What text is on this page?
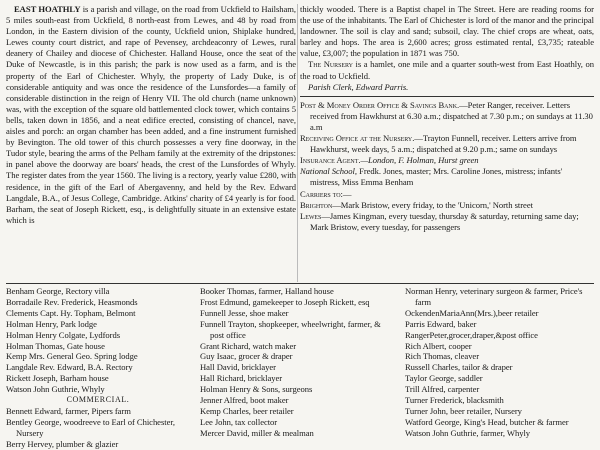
EAST HOATHLY is a parish and village, on the road from Uckfield to Hailsham, 5 miles south-east from Uckfield, 8 north-east from Lewes, and 48 by road from London, in the Eastern division of the county, Uckfield union, Shiplake hundred, Lewes county court district, and rape of Pevensey, archdeaconry of Lewes, rural deanery of Chailey and diocese of Chichester. Halland House, once the seat of the Duke of Newcastle, is in this parish; the park is now used as a farm, and is the property of the Earl of Chichester. Whyly, the property of Lady Duke, is of considerable antiquity and was once the residence of the Lunsfordes—a family of considerable distinction in the reign of Henry VII. The old church (name unknown) was, with the exception of the square old battlemented clock tower, which contains 5 bells, taken down in 1856, and a neat edifice erected, consisting of chancel, nave, aisles and porch: an organ chamber has been added, and a fine instrument furnished by Bevington. The old tower of this church possesses a very fine doorway, in the Tudor style, bearing the arms of the Pelham family at the extremity of the dripstones: in panel above the doorway are boars' heads, the crest of the Lunsfordes of Whyly. The register dates from the year 1560. The living is a rectory, yearly value £280, with residence, in the gift of the Earl of Abergavenny, and held by the Rev. Edward Langdale, B.A., of Jesus College, Cambridge. Atkins' charity of £4 yearly is for food. Barham, the seat of Joseph Rickett, esq., is delightfully situate in an extensive estate which is

thickly wooded. There is a Baptist chapel in The Street. Here are reading rooms for the use of the inhabitants. The Earl of Chichester is lord of the manor and the principal landowner. The soil is clay and sand; subsoil, clay. The chief crops are wheat, oats, barley and hops. The area is 2,600 acres; gross estimated rental, £3,735; rateable value, £3,007; the population in 1871 was 750.

The Nursery is a hamlet, one mile and a quarter south-west from East Hoathly, on the road to Uckfield.

Parish Clerk, Edward Parris.

Post & Money Order Office & Savings Bank.—Peter Ranger, receiver. Letters received from Hawkhurst at 6.30 a.m.; dispatched at 7.30 p.m.; on sundays at 11.30 a.m

Receiving Office at the Nursery.—Trayton Funnell, receiver. Letters arrive from Hawkhurst, week days, 5 a.m.; dispatched at 9.20 p.m.; same on sundays

Insurance Agent.—London, F. Holman, Hurst green

National School, Fredk. Jones, master; Mrs. Caroline Jones, mistress; infants' mistress, Miss Emma Benham

Carriers to:—

Brighton—Mark Bristow, every friday, to the 'Unicorn,' North street

Lewes—James Kingman, every tuesday, thursday & saturday, returning same day; Mark Bristow, every tuesday, for passengers

Benham George, Rectory villa
Borradaile Rev. Frederick, Heasmonds
Clements Capt. Hy. Topham, Belmont
Holman Henry, Park lodge
Holman Henry Colgate, Lydfords
Holman Thomas, Gate house
Kemp Mrs. General Geo. Spring lodge
Langdale Rev. Edward, B.A. Rectory
Rickett Joseph, Barham house
Watson John Guthrie, Whyly
COMMERCIAL.
Bennett Edward, farmer, Pipers farm
Bentley George, woodreeve to Earl of Chichester, Nursery
Berry Hervey, plumber & glazier
Booker Thomas, farmer, Halland house
Frost Edmund, gamekeeper to Joseph Rickett, esq
Funnell Jesse, shoe maker
Funnell Trayton, shopkeeper, wheelwright, farmer, & post office
Grant Richard, watch maker
Guy Isaac, grocer & draper
Hall David, bricklayer
Hall Richard, bricklayer
Holman Henry & Sons, surgeons
Jenner Alfred, boot maker
Kemp Charles, beer retailer
Lee John, tax collector
Mercer David, miller & mealman
Norman Henry, veterinary surgeon & farmer, Price's farm
OckendenMariaAnn(Mrs.),beer retailer
Parris Edward, baker
RangerPeter,grocer,draper,&post office
Rich Albert, cooper
Rich Thomas, cleaver
Russell Charles, tailor & draper
Taylor George, saddler
Trill Alfred, carpenter
Turner Frederick, blacksmith
Turner John, beer retailer, Nursery
Watford George, King's Head, butcher & farmer
Watson John Guthrie, farmer, Whyly
